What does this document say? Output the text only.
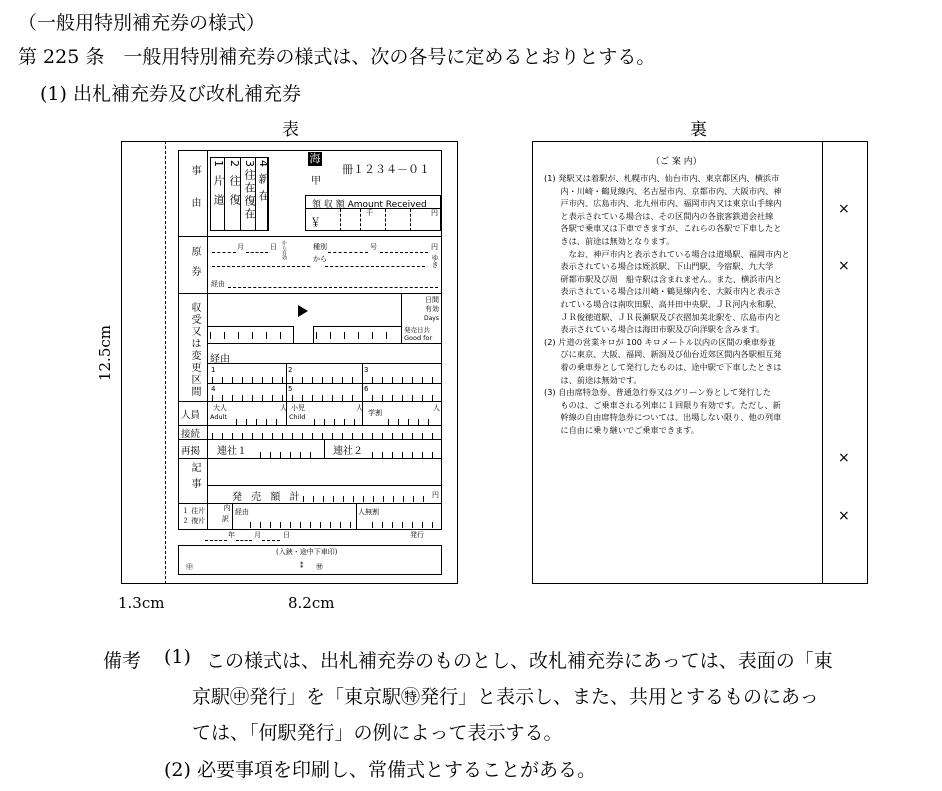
（一般用特別補充券の様式）
第 225 条　一般用特別補充券の様式は、次の各号に定めるとおりとする。
(1) 出札補充券及び改札補充券
表	裏
12.5cm
1.3cm	8.2cm
事由 1片道 2往復 3往在復在 4新在
海
甲
冊１２３４－０１
領 収 額 Amount Received
￥
千	円
原券	月	日 から有効	種別	号	円
から	ゆき
経由
収受又は変更区間
日間有効
Days
発売日共
Good for
経由
1	2	3
4	5	6
人員
大人
Adult
人 小児
Child
人
学割
人
接続
再掲 連社１	連社２
記事
発 売 額 計	円
１ 往片
２ 復片
内
訳
経由	人無割
年	月	日	発行
(入鋏・途中下車印)
㊥	⁑ ㊕
（ご 案 内）
(1) 発駅又は着駅が、札幌市内、仙台市内、東京都区内、横浜市
　　内・川崎・鶴見線内、名古屋市内、京都市内、大阪市内、神
　　戸市内、広島市内、北九州市内、福岡市内又は東京山手線内
　　と表示されている場合は、その区間内の各旅客鉄道会社線
　　各駅で乗車又は下車できますが、これらの各駅で下車したと
　　きは、前途は無効となります。
　　　なお、神戸市内と表示されている場合は道場駅、福岡市内と
　　表示されている場合は姪浜駅、下山門駅、今宿駅、九大学
　　研都市駅及び周　船寺駅は含まれません。また、横浜市内と
　　表示されている場合は川崎・鶴見線内を、大阪市内と表示さ
　　れている場合は南吹田駅、高井田中央駅、ＪＲ河内永和駅、
　　ＪＲ俊徳道駅、ＪＲ長瀬駅及び衣摺加美北駅を、広島市内と
　　表示されている場合は海田市駅及び向洋駅を含みます。
(2) 片道の営業キロが 100 キロメートル以内の区間の乗車券並
　　びに東京、大阪、福岡、新潟及び仙台近郊区間内各駅相互発
　　着の乗車券として発行したものは、途中駅で下車したときは
　　は、前途は無効です。
(3) 自由席特急券、普通急行券又はグリーン券として発行した
　　ものは、ご乗車される列車に１回限り有効です。ただし、新
　　幹線の自由席特急券については、出場しない限り、他の列車
　　に自由に乗り継いでご乗車できます。
×
×
×
×
備考 (1) この様式は、出札補充券のものとし、改札補充券にあっては、表面の「東
京駅㊥発行」を「東京駅㊕発行」と表示し、また、共用とするものにあっ
ては、「何駅発行」の例によって表示する。
(2) 必要事項を印刷し、常備式とすることがある。
